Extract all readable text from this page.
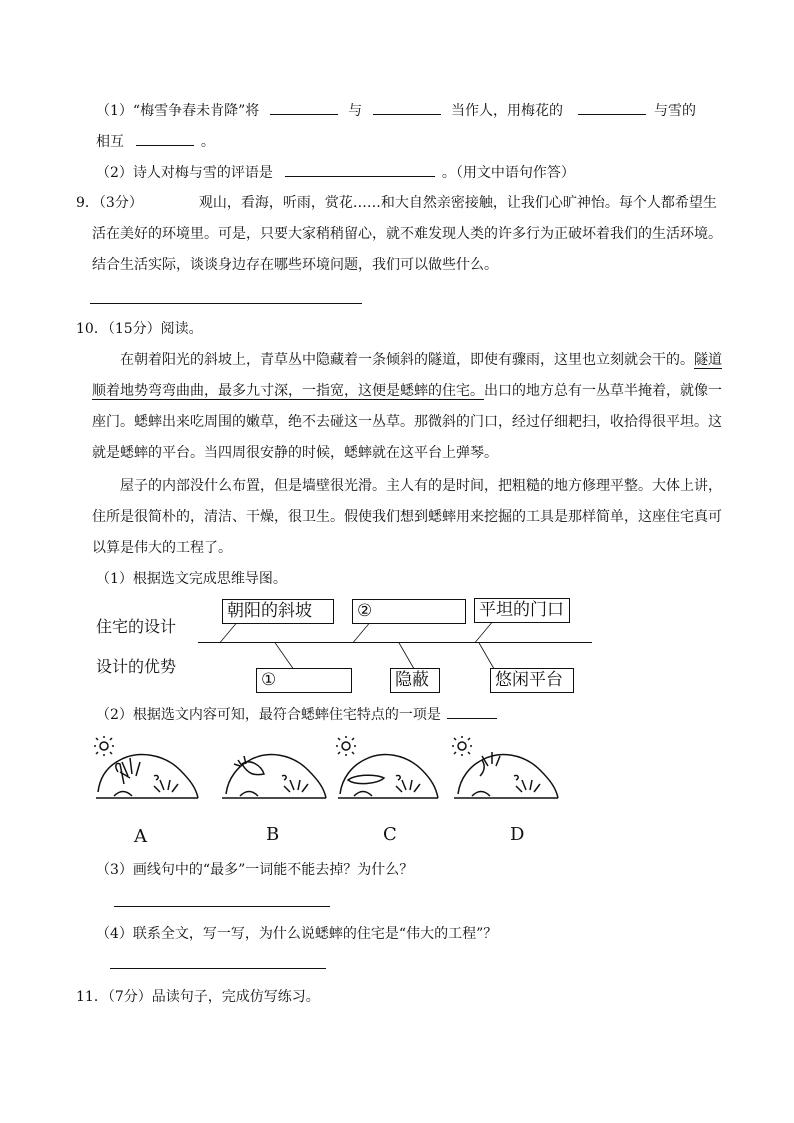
（1）“梅雪争春未肯降”将	与	当作人，用梅花的	与雪的
相互	。
（2）诗人对梅与雪的评语是	。（用文中语句作答）
9．（3分）	观山，看海，听雨，赏花……和大自然亲密接触，让我们心旷神怡。每个人都希望生
活在美好的环境里。可是，只要大家稍稍留心，就不难发现人类的许多行为正破坏着我们的生活环境。
结合生活实际，谈谈身边存在哪些环境问题，我们可以做些什么。
10．（15分）阅读。
在朝着阳光的斜坡上，青草丛中隐藏着一条倾斜的隧道，即使有骤雨，这里也立刻就会干的。隧道
顺着地势弯弯曲曲，最多九寸深，一指宽，这便是蟋蟀的住宅。出口的地方总有一丛草半掩着，就像一
座门。蟋蟀出来吃周围的嫩草，绝不去碰这一丛草。那微斜的门口，经过仔细耙扫，收拾得很平坦。这
就是蟋蟀的平台。当四周很安静的时候，蟋蟀就在这平台上弹琴。
屋子的内部没什么布置，但是墙壁很光滑。主人有的是时间，把粗糙的地方修理平整。大体上讲，
住所是很简朴的，清洁、干燥，很卫生。假使我们想到蟋蟀用来挖掘的工具是那样简单，这座住宅真可
以算是伟大的工程了。
（1）根据选文完成思维导图。
住宅的设计
设计的优势
朝阳的斜坡	②	平坦的门口
①	隐蔽	悠闲平台
（2）根据选文内容可知，最符合蟋蟀住宅特点的一项是
A	B	C	D
（3）画线句中的“最多”一词能不能去掉？为什么？
（4）联系全文，写一写，为什么说蟋蟀的住宅是“伟大的工程”？
11．（7分）品读句子，完成仿写练习。
